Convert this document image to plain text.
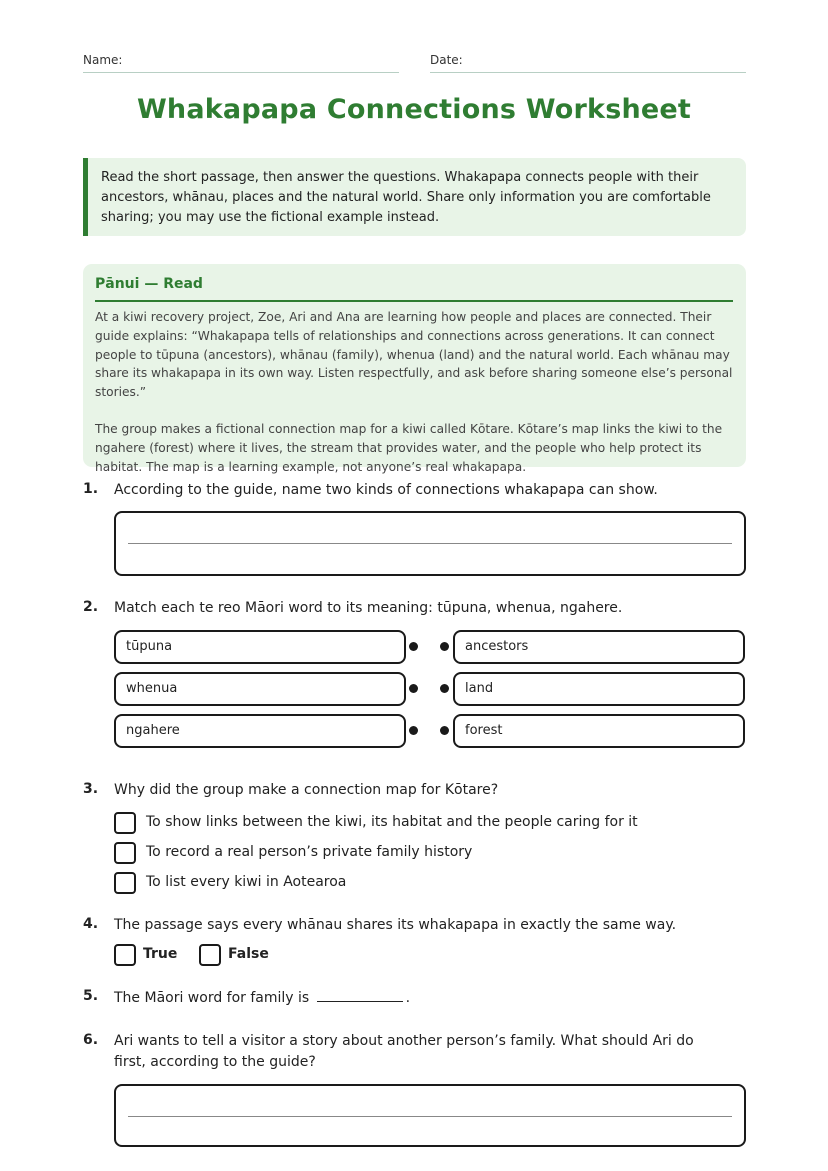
Name:	Date:
Whakapapa Connections Worksheet
Read the short passage, then answer the questions. Whakapapa connects people with their ancestors, whānau, places and the natural world. Share only information you are comfortable sharing; you may use the fictional example instead.
Pānui — Read

At a kiwi recovery project, Zoe, Ari and Ana are learning how people and places are connected. Their guide explains: “Whakapapa tells of relationships and connections across generations. It can connect people to tūpuna (ancestors), whānau (family), whenua (land) and the natural world. Each whānau may share its whakapapa in its own way. Listen respectfully, and ask before sharing someone else’s personal stories.”

The group makes a fictional connection map for a kiwi called Kōtare. Kōtare’s map links the kiwi to the ngahere (forest) where it lives, the stream that provides water, and the people who help protect its habitat. The map is a learning example, not anyone’s real whakapapa.

1. According to the guide, name two kinds of connections whakapapa can show.
2. Match each te reo Māori word to its meaning: tūpuna, whenua, ngahere.
tūpuna	ancestors
whenua	land
ngahere	forest
3. Why did the group make a connection map for Kōtare?
To show links between the kiwi, its habitat and the people caring for it
To record a real person’s private family history
To list every kiwi in Aotearoa
4. The passage says every whānau shares its whakapapa in exactly the same way.
True	False
5. The Māori word for family is	.
6. Ari wants to tell a visitor a story about another person’s family. What should Ari do first, according to the guide?
